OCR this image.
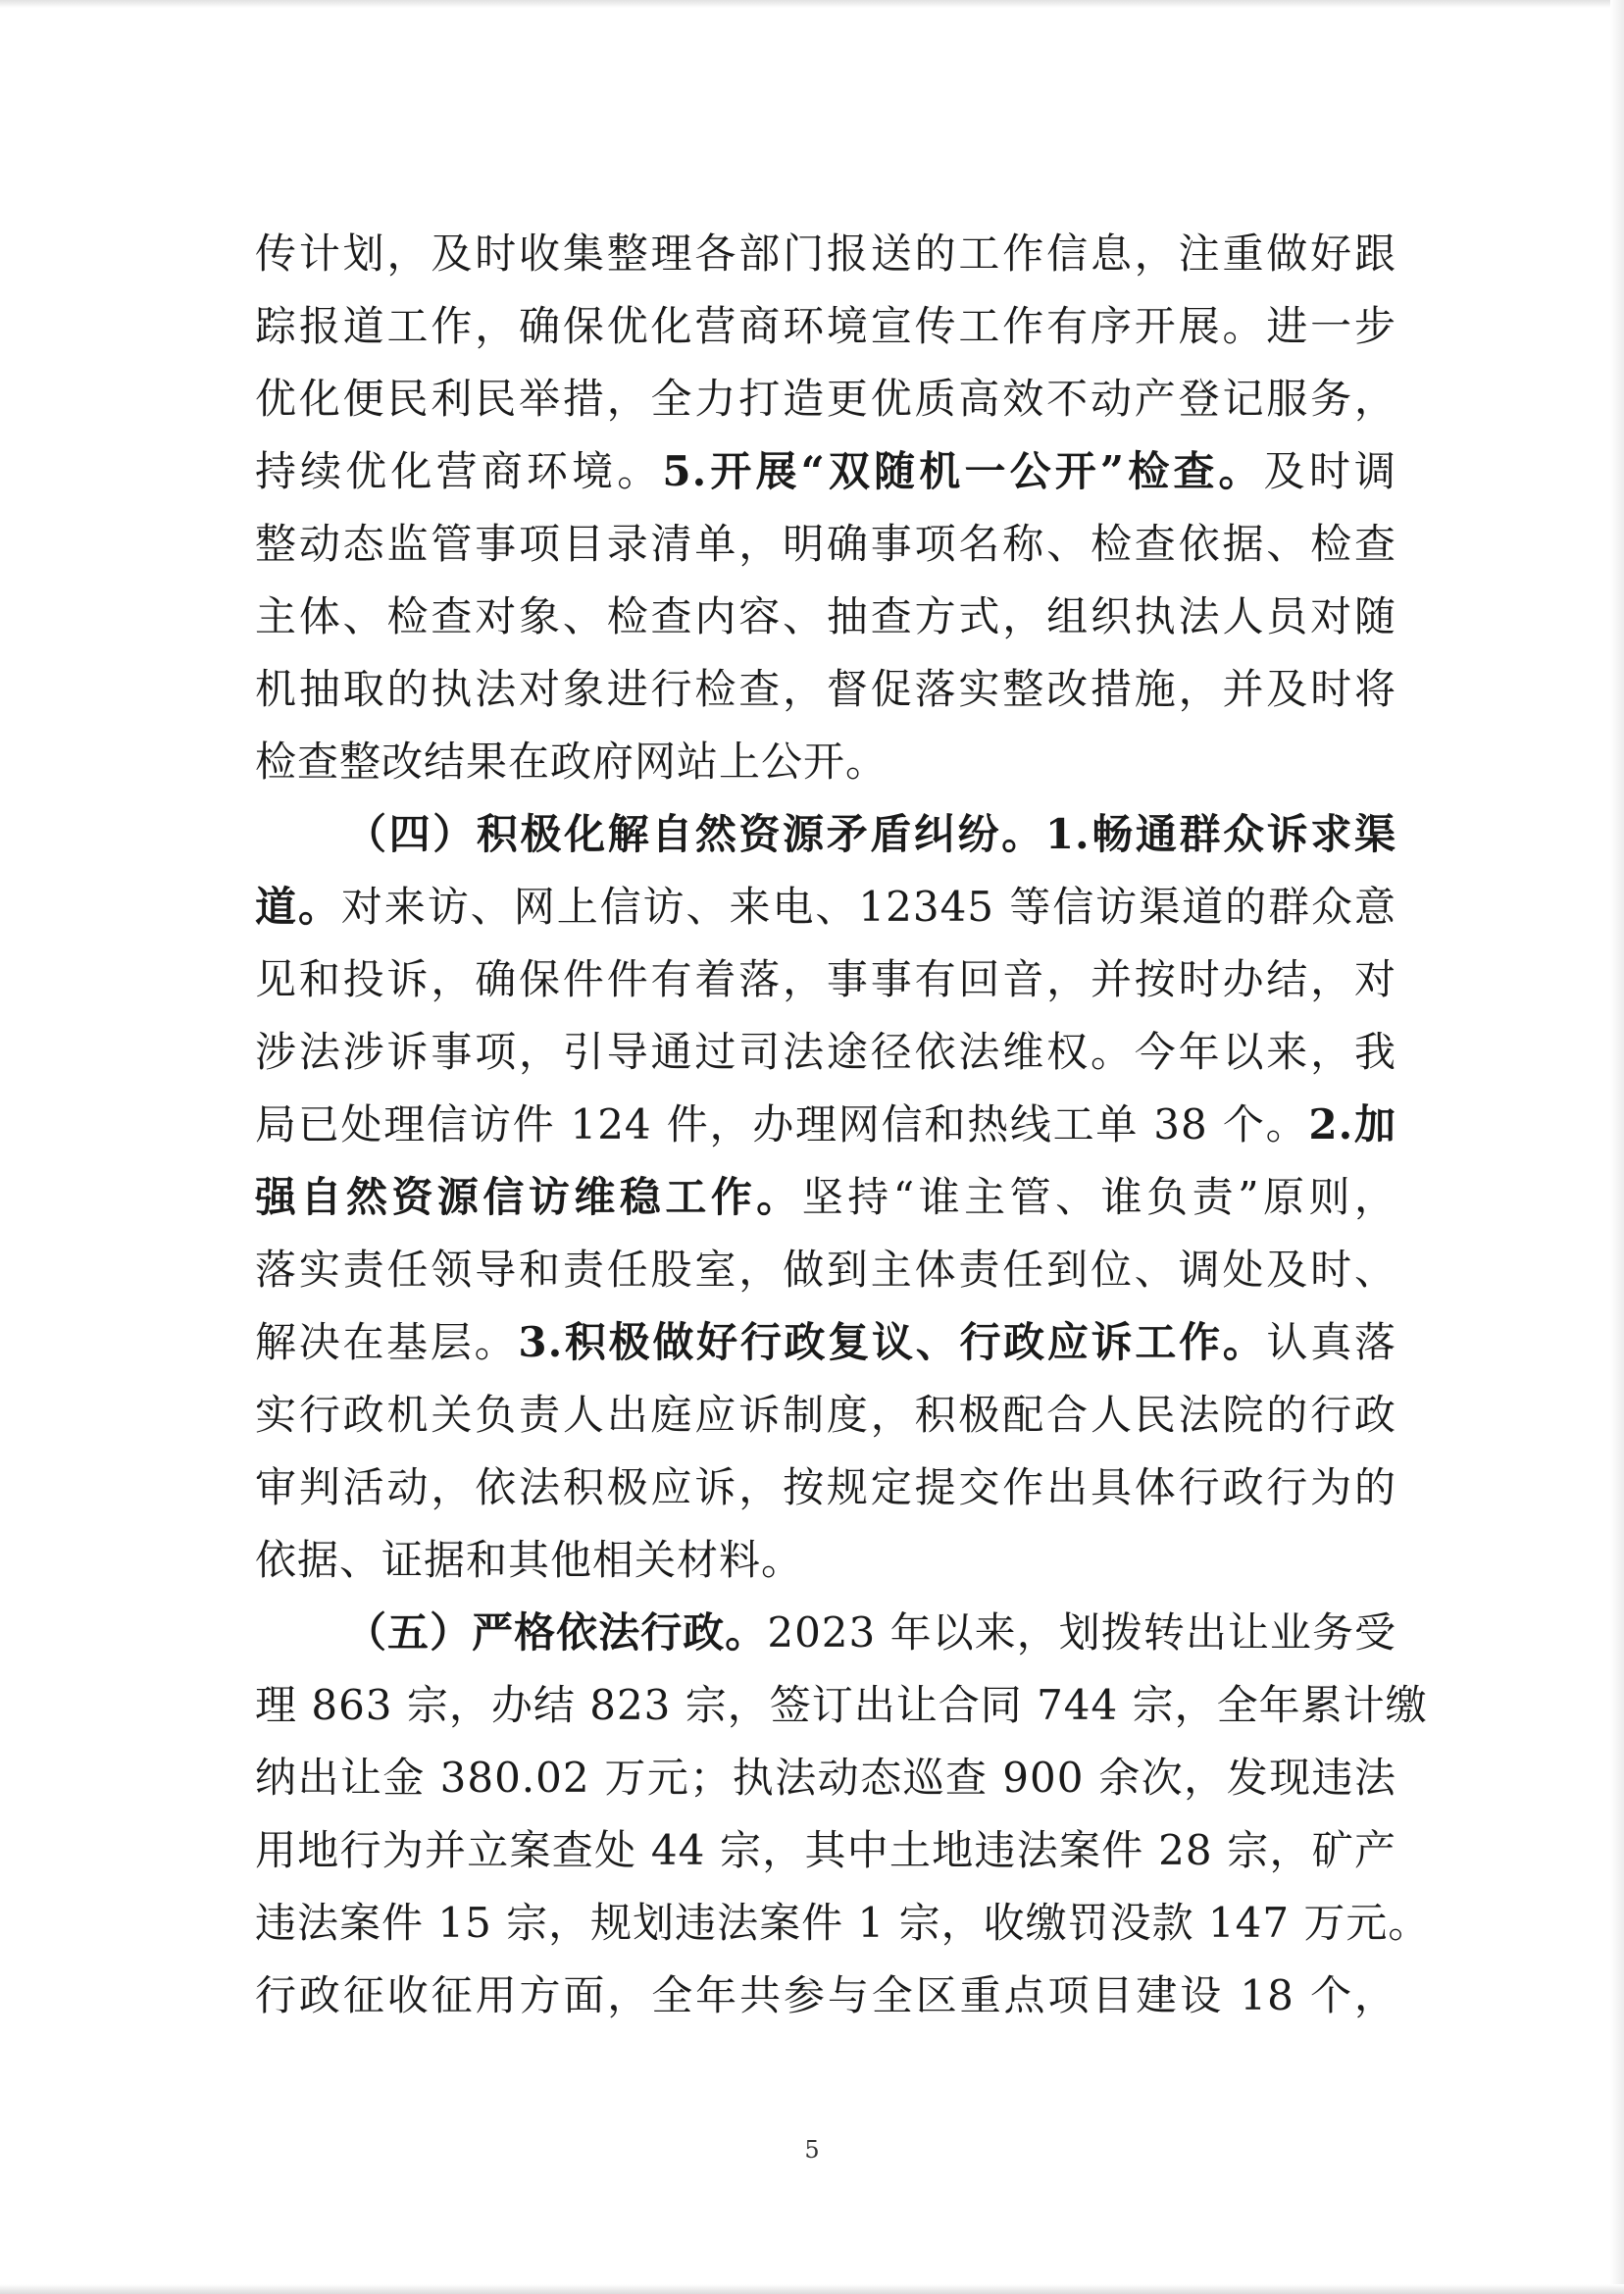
传计划，及时收集整理各部门报送的工作信息，注重做好跟
踪报道工作，确保优化营商环境宣传工作有序开展。进一步
优化便民利民举措，全力打造更优质高效不动产登记服务，
持续优化营商环境。5.开展“双随机一公开”检查。及时调
整动态监管事项目录清单，明确事项名称、检查依据、检查
主体、检查对象、检查内容、抽查方式，组织执法人员对随
机抽取的执法对象进行检查，督促落实整改措施，并及时将
检查整改结果在政府网站上公开。
（四）积极化解自然资源矛盾纠纷。1.畅通群众诉求渠
道。对来访、网上信访、来电、12345 等信访渠道的群众意
见和投诉，确保件件有着落，事事有回音，并按时办结，对
涉法涉诉事项，引导通过司法途径依法维权。今年以来，我
局已处理信访件 124 件，办理网信和热线工单 38 个。2.加
强自然资源信访维稳工作。坚持“谁主管、谁负责”原则，
落实责任领导和责任股室，做到主体责任到位、调处及时、
解决在基层。3.积极做好行政复议、行政应诉工作。认真落
实行政机关负责人出庭应诉制度，积极配合人民法院的行政
审判活动，依法积极应诉，按规定提交作出具体行政行为的
依据、证据和其他相关材料。
（五）严格依法行政。2023 年以来，划拨转出让业务受
理 863 宗，办结 823 宗，签订出让合同 744 宗，全年累计缴
纳出让金 380.02 万元；执法动态巡查 900 余次，发现违法
用地行为并立案查处 44 宗，其中土地违法案件 28 宗，矿产
违法案件 15 宗，规划违法案件 1 宗，收缴罚没款 147 万元。
行政征收征用方面，全年共参与全区重点项目建设 18 个，
5
